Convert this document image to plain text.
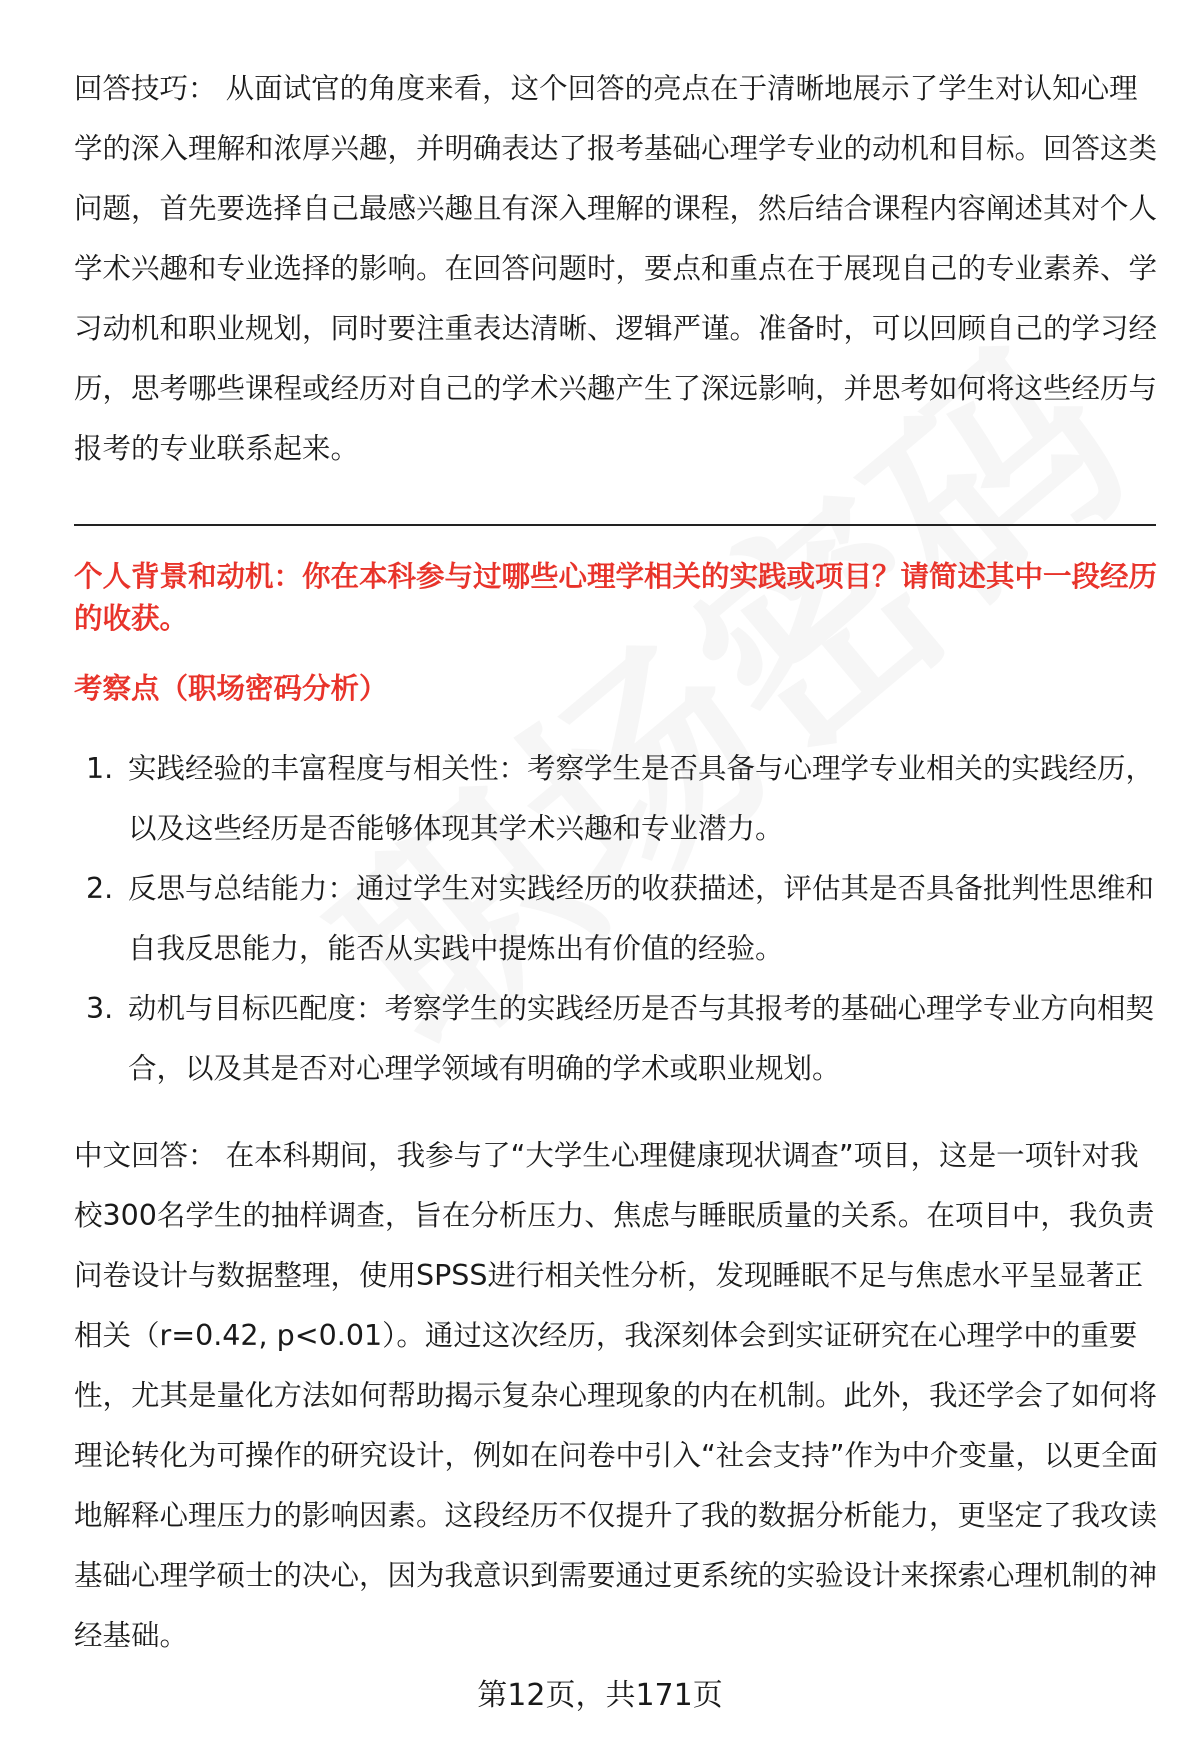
回答技巧： 从面试官的角度来看，这个回答的亮点在于清晰地展示了学生对认知心理学的深入理解和浓厚兴趣，并明确表达了报考基础心理学专业的动机和目标。回答这类问题，首先要选择自己最感兴趣且有深入理解的课程，然后结合课程内容阐述其对个人学术兴趣和专业选择的影响。在回答问题时，要点和重点在于展现自己的专业素养、学习动机和职业规划，同时要注重表达清晰、逻辑严谨。准备时，可以回顾自己的学习经历，思考哪些课程或经历对自己的学术兴趣产生了深远影响，并思考如何将这些经历与报考的专业联系起来。

个人背景和动机：你在本科参与过哪些心理学相关的实践或项目？请简述其中一段经历的收获。
考察点（职场密码分析）
1. 实践经验的丰富程度与相关性：考察学生是否具备与心理学专业相关的实践经历，以及这些经历是否能够体现其学术兴趣和专业潜力。
2. 反思与总结能力：通过学生对实践经历的收获描述，评估其是否具备批判性思维和自我反思能力，能否从实践中提炼出有价值的经验。
3. 动机与目标匹配度：考察学生的实践经历是否与其报考的基础心理学专业方向相契合，以及其是否对心理学领域有明确的学术或职业规划。

中文回答： 在本科期间，我参与了“大学生心理健康现状调查”项目，这是一项针对我校300名学生的抽样调查，旨在分析压力、焦虑与睡眠质量的关系。在项目中，我负责问卷设计与数据整理，使用SPSS进行相关性分析，发现睡眠不足与焦虑水平呈显著正相关（r=0.42, p<0.01）。通过这次经历，我深刻体会到实证研究在心理学中的重要性，尤其是量化方法如何帮助揭示复杂心理现象的内在机制。此外，我还学会了如何将理论转化为可操作的研究设计，例如在问卷中引入“社会支持”作为中介变量，以更全面地解释心理压力的影响因素。这段经历不仅提升了我的数据分析能力，更坚定了我攻读基础心理学硕士的决心，因为我意识到需要通过更系统的实验设计来探索心理机制的神经基础。

第12页，共171页
